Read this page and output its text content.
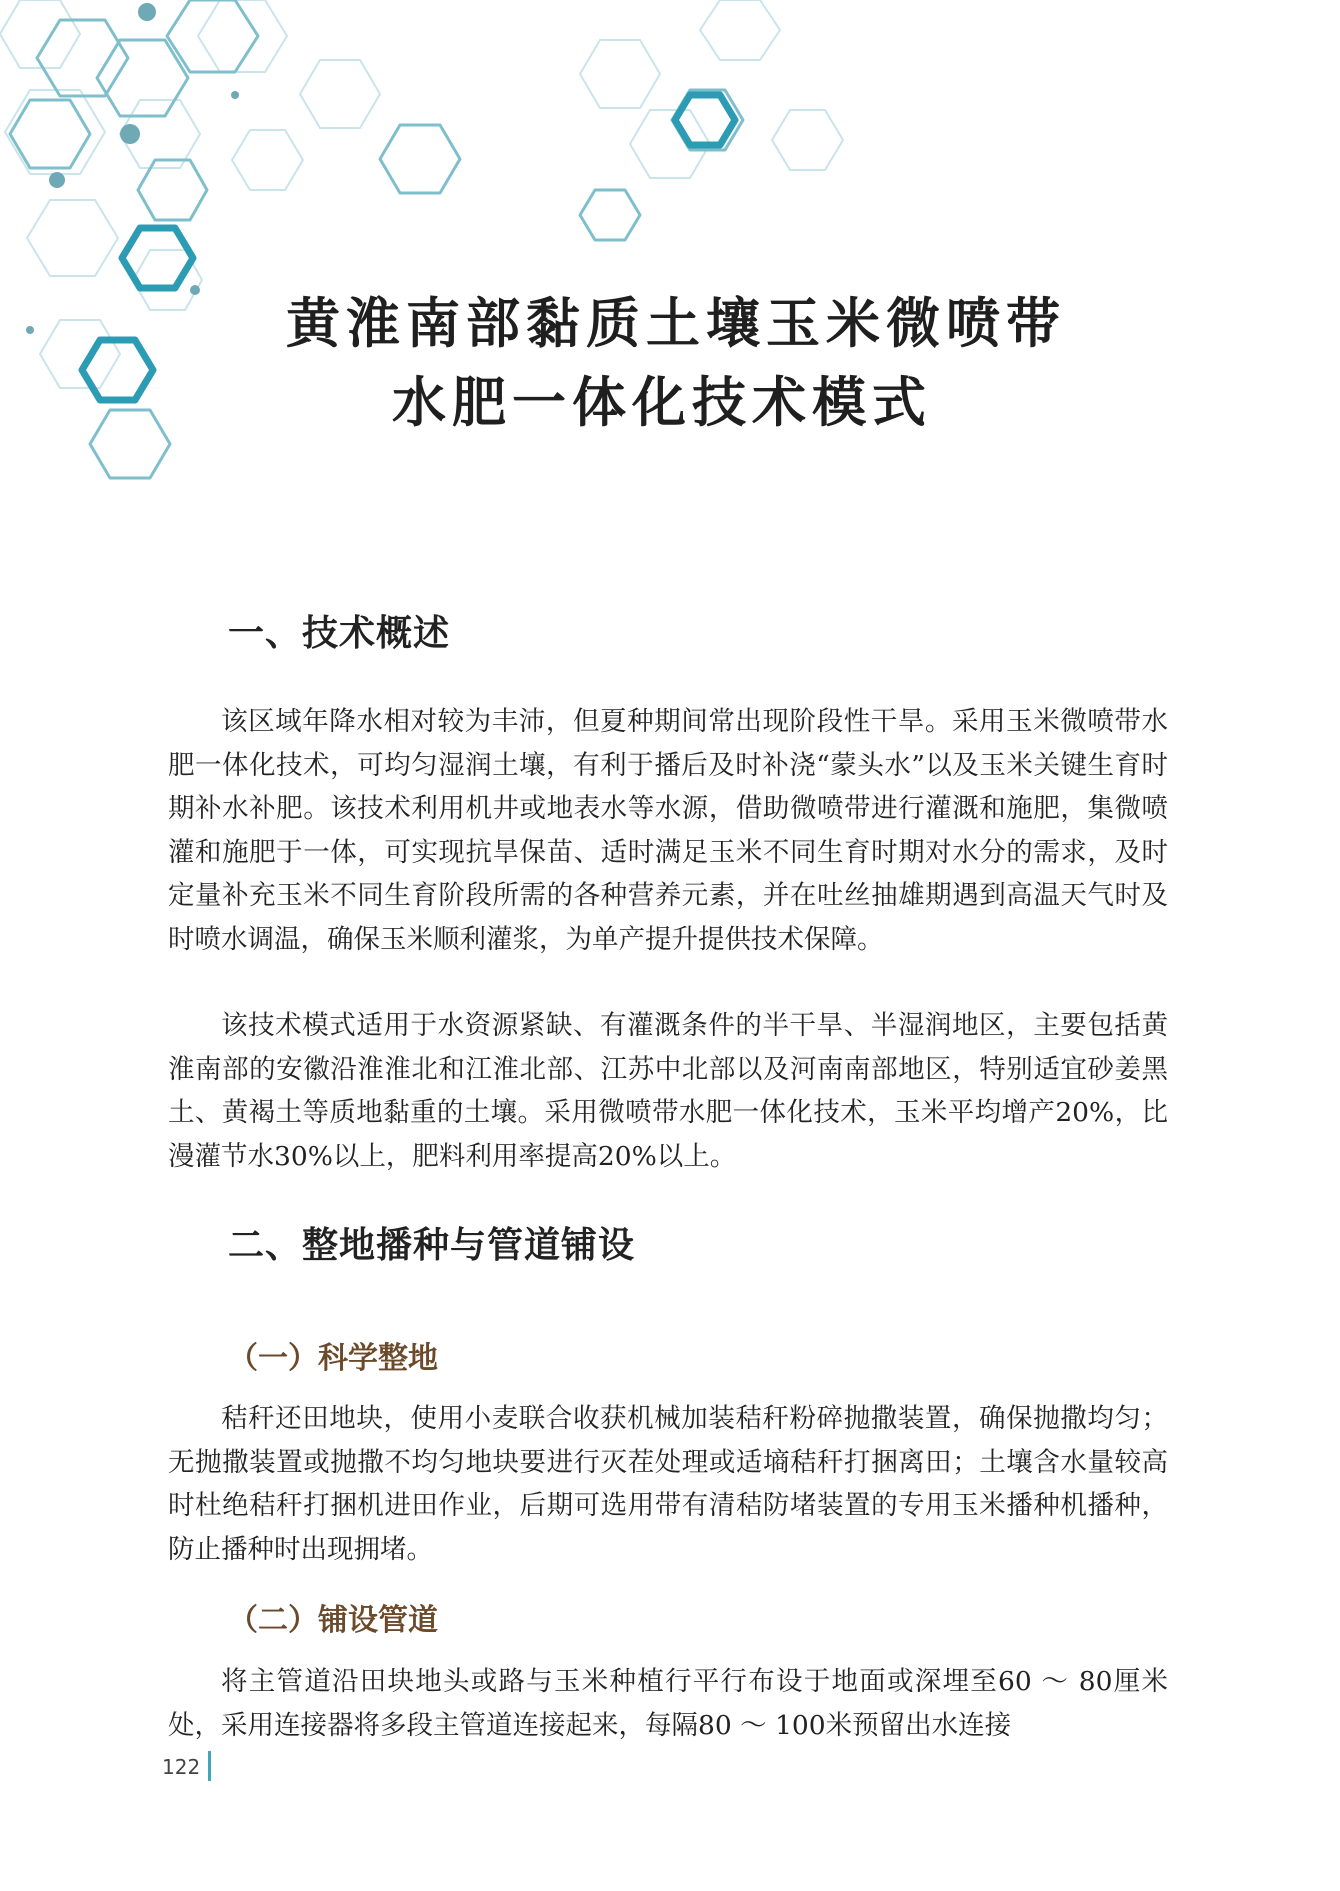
黄淮南部黏质土壤玉米微喷带
水肥一体化技术模式
一、技术概述

该区域年降水相对较为丰沛，但夏种期间常出现阶段性干旱。采用玉米微喷带水肥一体化技术，可均匀湿润土壤，有利于播后及时补浇“蒙头水”以及玉米关键生育时期补水补肥。该技术利用机井或地表水等水源，借助微喷带进行灌溉和施肥，集微喷灌和施肥于一体，可实现抗旱保苗、适时满足玉米不同生育时期对水分的需求，及时定量补充玉米不同生育阶段所需的各种营养元素，并在吐丝抽雄期遇到高温天气时及时喷水调温，确保玉米顺利灌浆，为单产提升提供技术保障。

该技术模式适用于水资源紧缺、有灌溉条件的半干旱、半湿润地区，主要包括黄淮南部的安徽沿淮淮北和江淮北部、江苏中北部以及河南南部地区，特别适宜砂姜黑土、黄褐土等质地黏重的土壤。采用微喷带水肥一体化技术，玉米平均增产20%，比漫灌节水30%以上，肥料利用率提高20%以上。

二、整地播种与管道铺设
（一）科学整地

秸秆还田地块，使用小麦联合收获机械加装秸秆粉碎抛撒装置，确保抛撒均匀；无抛撒装置或抛撒不均匀地块要进行灭茬处理或适墒秸秆打捆离田；土壤含水量较高时杜绝秸秆打捆机进田作业，后期可选用带有清秸防堵装置的专用玉米播种机播种，防止播种时出现拥堵。

（二）铺设管道

将主管道沿田块地头或路与玉米种植行平行布设于地面或深埋至60 ～ 80厘米处，采用连接器将多段主管道连接起来，每隔80 ～ 100米预留出水连接

122
